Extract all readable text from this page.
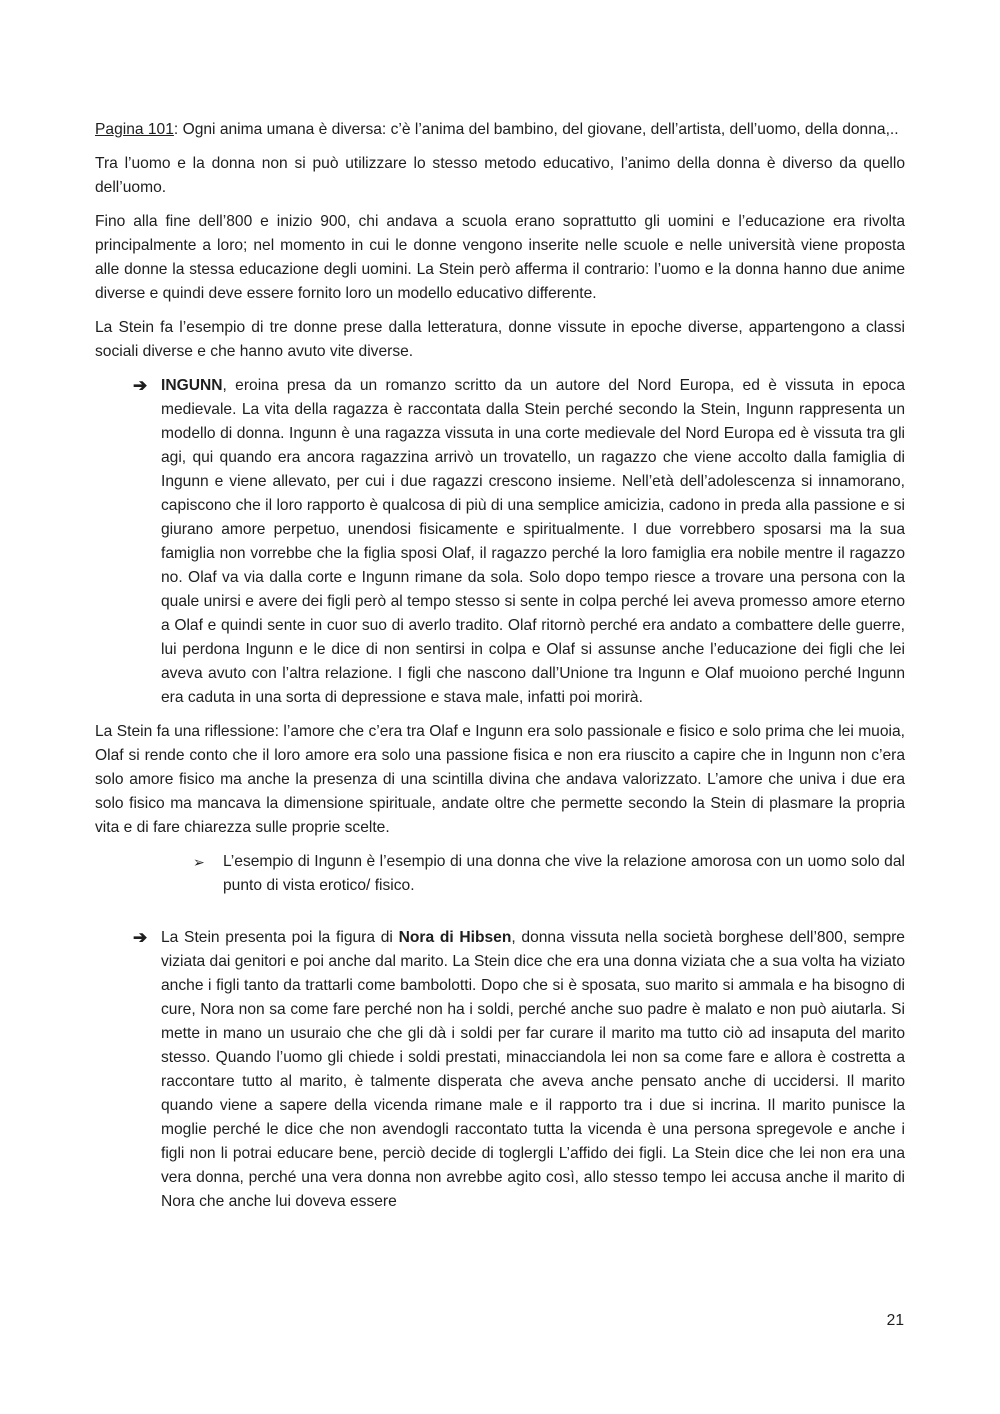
Pagina 101: Ogni anima umana è diversa: c’è l’anima del bambino, del giovane, dell’artista, dell’uomo, della donna,..

Tra l’uomo e la donna non si può utilizzare lo stesso metodo educativo, l’animo della donna è diverso da quello dell’uomo.

Fino alla fine dell’800 e inizio 900, chi andava a scuola erano soprattutto gli uomini e l’educazione era rivolta principalmente a loro; nel momento in cui le donne vengono inserite nelle scuole e nelle università viene proposta alle donne la stessa educazione degli uomini. La Stein però afferma il contrario: l’uomo e la donna hanno due anime diverse e quindi deve essere fornito loro un modello educativo differente.

La Stein fa l’esempio di tre donne prese dalla letteratura, donne vissute in epoche diverse, appartengono a classi sociali diverse e che hanno avuto vite diverse.

➔ INGUNN, eroina presa da un romanzo scritto da un autore del Nord Europa, ed è vissuta in epoca medievale. La vita della ragazza è raccontata dalla Stein perché secondo la Stein, Ingunn rappresenta un modello di donna. Ingunn è una ragazza vissuta in una corte medievale del Nord Europa ed è vissuta tra gli agi, qui quando era ancora ragazzina arrivò un trovatello, un ragazzo che viene accolto dalla famiglia di Ingunn e viene allevato, per cui i due ragazzi crescono insieme. Nell’età dell’adolescenza si innamorano, capiscono che il loro rapporto è qualcosa di più di una semplice amicizia, cadono in preda alla passione e si giurano amore perpetuo, unendosi fisicamente e spiritualmente. I due vorrebbero sposarsi ma la sua famiglia non vorrebbe che la figlia sposi Olaf, il ragazzo perché la loro famiglia era nobile mentre il ragazzo no. Olaf va via dalla corte e Ingunn rimane da sola. Solo dopo tempo riesce a trovare una persona con la quale unirsi e avere dei figli però al tempo stesso si sente in colpa perché lei aveva promesso amore eterno a Olaf e quindi sente in cuor suo di averlo tradito. Olaf ritornò perché era andato a combattere delle guerre, lui perdona Ingunn e le dice di non sentirsi in colpa e Olaf si assunse anche l’educazione dei figli che lei aveva avuto con l’altra relazione. I figli che nascono dall’Unione tra Ingunn e Olaf muoiono perché Ingunn era caduta in una sorta di depressione e stava male, infatti poi morirà.

La Stein fa una riflessione: l’amore che c’era tra Olaf e Ingunn era solo passionale e fisico e solo prima che lei muoia, Olaf si rende conto che il loro amore era solo una passione fisica e non era riuscito a capire che in Ingunn non c’era solo amore fisico ma anche la presenza di una scintilla divina che andava valorizzato. L’amore che univa i due era solo fisico ma mancava la dimensione spirituale, andate oltre che permette secondo la Stein di plasmare la propria vita e di fare chiarezza sulle proprie scelte.

➢ L’esempio di Ingunn è l’esempio di una donna che vive la relazione amorosa con un uomo solo dal punto di vista erotico/ fisico.
➔ La Stein presenta poi la figura di Nora di Hibsen, donna vissuta nella società borghese dell’800, sempre viziata dai genitori e poi anche dal marito. La Stein dice che era una donna viziata che a sua volta ha viziato anche i figli tanto da trattarli come bambolotti. Dopo che si è sposata, suo marito si ammala e ha bisogno di cure, Nora non sa come fare perché non ha i soldi, perché anche suo padre è malato e non può aiutarla. Si mette in mano un usuraio che che gli dà i soldi per far curare il marito ma tutto ciò ad insaputa del marito stesso. Quando l’uomo gli chiede i soldi prestati, minacciandola lei non sa come fare e allora è costretta a raccontare tutto al marito, è talmente disperata che aveva anche pensato anche di uccidersi. Il marito quando viene a sapere della vicenda rimane male e il rapporto tra i due si incrina. Il marito punisce la moglie perché le dice che non avendogli raccontato tutta la vicenda è una persona spregevole e anche i figli non li potrai educare bene, perciò decide di toglergli L’affido dei figli. La Stein dice che lei non era una vera donna, perché una vera donna non avrebbe agito così, allo stesso tempo lei accusa anche il marito di Nora che anche lui doveva essere
21
